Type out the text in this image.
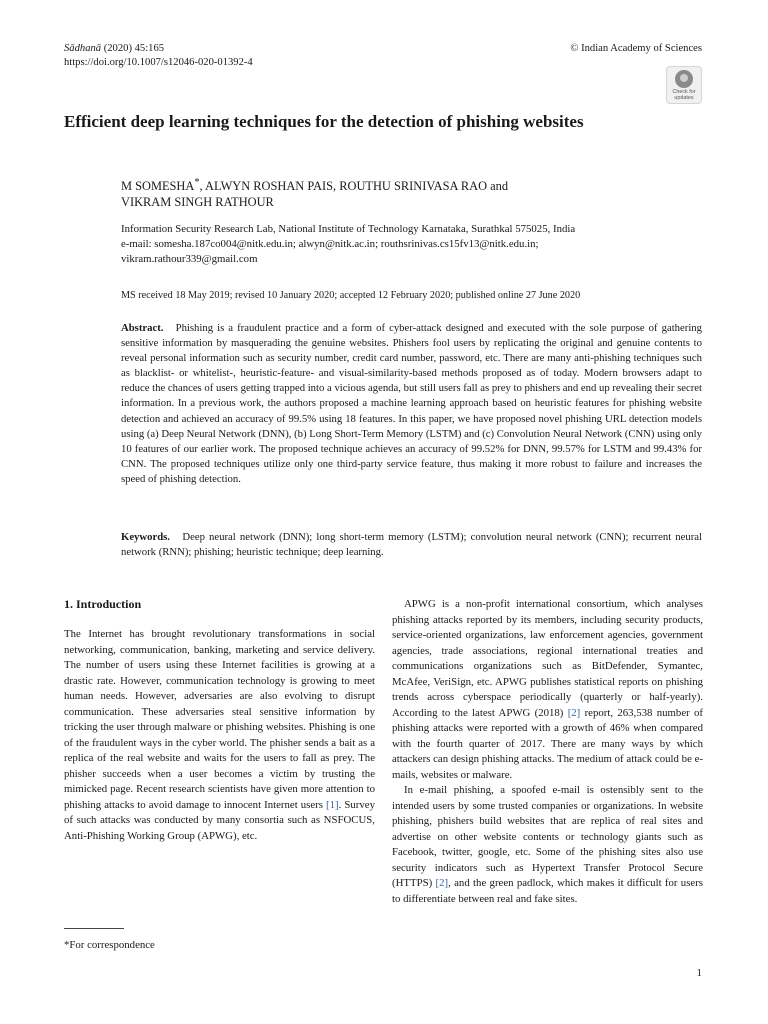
Sādhanā (2020) 45:165
https://doi.org/10.1007/s12046-020-01392-4
© Indian Academy of Sciences
Check for
updates
Efficient deep learning techniques for the detection of phishing websites
M SOMESHA*, ALWYN ROSHAN PAIS, ROUTHU SRINIVASA RAO and
VIKRAM SINGH RATHOUR
Information Security Research Lab, National Institute of Technology Karnataka, Surathkal 575025, India
e-mail: somesha.187co004@nitk.edu.in; alwyn@nitk.ac.in; routhsrinivas.cs15fv13@nitk.edu.in;
vikram.rathour339@gmail.com
MS received 18 May 2019; revised 10 January 2020; accepted 12 February 2020; published online 27 June 2020
Abstract. Phishing is a fraudulent practice and a form of cyber-attack designed and executed with the sole purpose of gathering sensitive information by masquerading the genuine websites. Phishers fool users by replicating the original and genuine contents to reveal personal information such as security number, credit card number, password, etc. There are many anti-phishing techniques such as blacklist- or whitelist-, heuristic-feature- and visual-similarity-based methods proposed as of today. Modern browsers adapt to reduce the chances of users getting trapped into a vicious agenda, but still users fall as prey to phishers and end up revealing their secret information. In a previous work, the authors proposed a machine learning approach based on heuristic features for phishing website detection and achieved an accuracy of 99.5% using 18 features. In this paper, we have proposed novel phishing URL detection models using (a) Deep Neural Network (DNN), (b) Long Short-Term Memory (LSTM) and (c) Convolution Neural Network (CNN) using only 10 features of our earlier work. The proposed technique achieves an accuracy of 99.52% for DNN, 99.57% for LSTM and 99.43% for CNN. The proposed techniques utilize only one third-party service feature, thus making it more robust to failure and increases the speed of phishing detection.
Keywords. Deep neural network (DNN); long short-term memory (LSTM); convolution neural network (CNN); recurrent neural network (RNN); phishing; heuristic technique; deep learning.
1. Introduction

The Internet has brought revolutionary transformations in social networking, communication, banking, marketing and service delivery. The number of users using these Internet facilities is growing at a drastic rate. However, communication technology is growing to meet human needs. However, adversaries are also evolving to disrupt communication. These adversaries steal sensitive information by tricking the user through malware or phishing websites. Phishing is one of the fraudulent ways in the cyber world. The phisher sends a bait as a replica of the real website and waits for the users to fall as prey. The phisher succeeds when a user becomes a victim by trusting the mimicked page. Recent research scientists have given more attention to phishing attacks to avoid damage to innocent Internet users [1]. Survey of such attacks was conducted by many consortia such as NSFOCUS, Anti-Phishing Working Group (APWG), etc.

APWG is a non-profit international consortium, which analyses phishing attacks reported by its members, including security products, service-oriented organizations, law enforcement agencies, government agencies, trade associations, regional international treaties and communications organizations such as BitDefender, Symantec, McAfee, VeriSign, etc. APWG publishes statistical reports on phishing trends across cyberspace periodically (quarterly or half-yearly). According to the latest APWG (2018) [2] report, 263,538 number of phishing attacks were reported with a growth of 46% when compared with the fourth quarter of 2017. There are many ways by which attackers can design phishing attacks. The medium of attack could be e-mails, websites or malware.

In e-mail phishing, a spoofed e-mail is ostensibly sent to the intended users by some trusted companies or organizations. In website phishing, phishers build websites that are replica of real sites and advertise on other website contents or technology giants such as Facebook, twitter, google, etc. Some of the phishing sites also use security indicators such as Hypertext Transfer Protocol Secure (HTTPS) [2], and the green padlock, which makes it difficult for users to differentiate between real and fake sites.

*For correspondence
1
